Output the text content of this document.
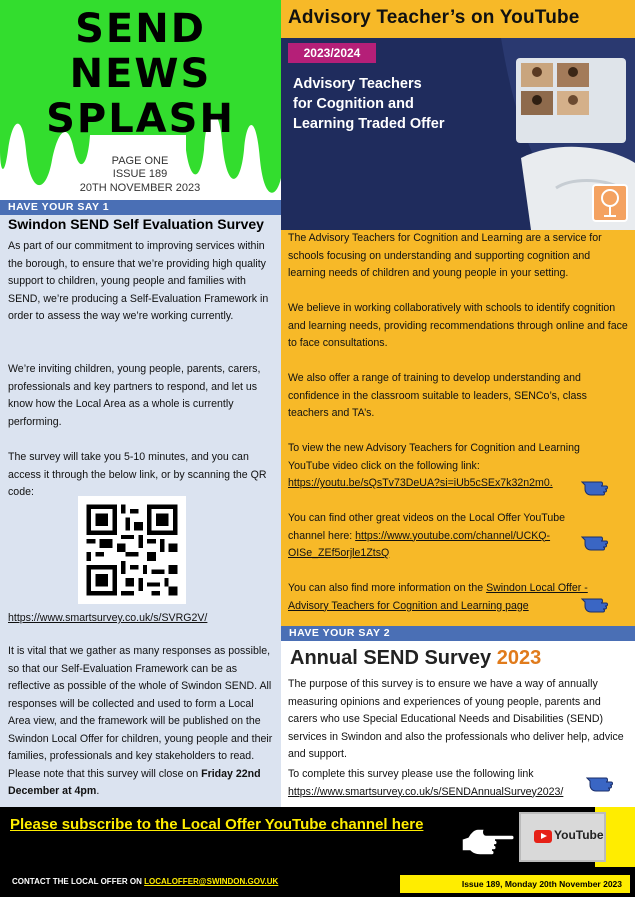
SEND
NEWS
SPLASH
PAGE ONE
ISSUE 189
20TH NOVEMBER 2023
HAVE YOUR SAY 1
Swindon SEND Self Evaluation Survey

As part of our commitment to improving services within the borough, to ensure that we’re providing high quality support to children, young people and families with SEND, we’re producing a Self-Evaluation Framework in order to assess the way we’re working currently.

We’re inviting children, young people, parents, carers, professionals and key partners to respond, and let us know how the Local Area as a whole is currently performing.

The survey will take you 5-10 minutes, and you can access it through the below link, or by scanning the QR code:

https://www.smartsurvey.co.uk/s/SVRG2V/

It is vital that we gather as many responses as possible, so that our Self-Evaluation Framework can be as reflective as possible of the whole of Swindon SEND. All responses will be collected and used to form a Local Area view, and the framework will be published on the Swindon Local Offer for children, young people and their families, professionals and key stakeholders to read. Please note that this survey will close on Friday 22nd December at 4pm.

Advisory Teacher’s on YouTube
2023/2024
Advisory Teachers
for Cognition and
Learning Traded Offer

The Advisory Teachers for Cognition and Learning are a service for schools focusing on understanding and supporting cognition and learning needs of children and young people in your setting.

We believe in working collaboratively with schools to identify cognition and learning needs, providing recommendations through online and face to face consultations.

We also offer a range of training to develop understanding and confidence in the classroom suitable to leaders, SENCo’s, class teachers and TA’s.

To view the new Advisory Teachers for Cognition and Learning YouTube video click on the following link:
https://youtu.be/sQsTv73DeUA?si=iUb5cSEx7k32n2m0.

You can find other great videos on the Local Offer YouTube channel here: https://www.youtube.com/channel/UCKQ-OISe_ZEf5orjle1ZtsQ

You can also find more information on the Swindon Local Offer - Advisory Teachers for Cognition and Learning page

HAVE YOUR SAY 2
Annual SEND Survey 2023

The purpose of this survey is to ensure we have a way of annually measuring opinions and experiences of young people, parents and carers who use Special Educational Needs and Disabilities (SEND) services in Swindon and also the professionals who deliver help, advice and support.

To complete this survey please use the following link
https://www.smartsurvey.co.uk/s/SENDAnnualSurvey2023/

Please subscribe to the Local Offer YouTube channel here
YouTube
CONTACT THE LOCAL OFFER ON LOCALOFFER@SWINDON.GOV.UK	Issue 189, Monday 20th November 2023
